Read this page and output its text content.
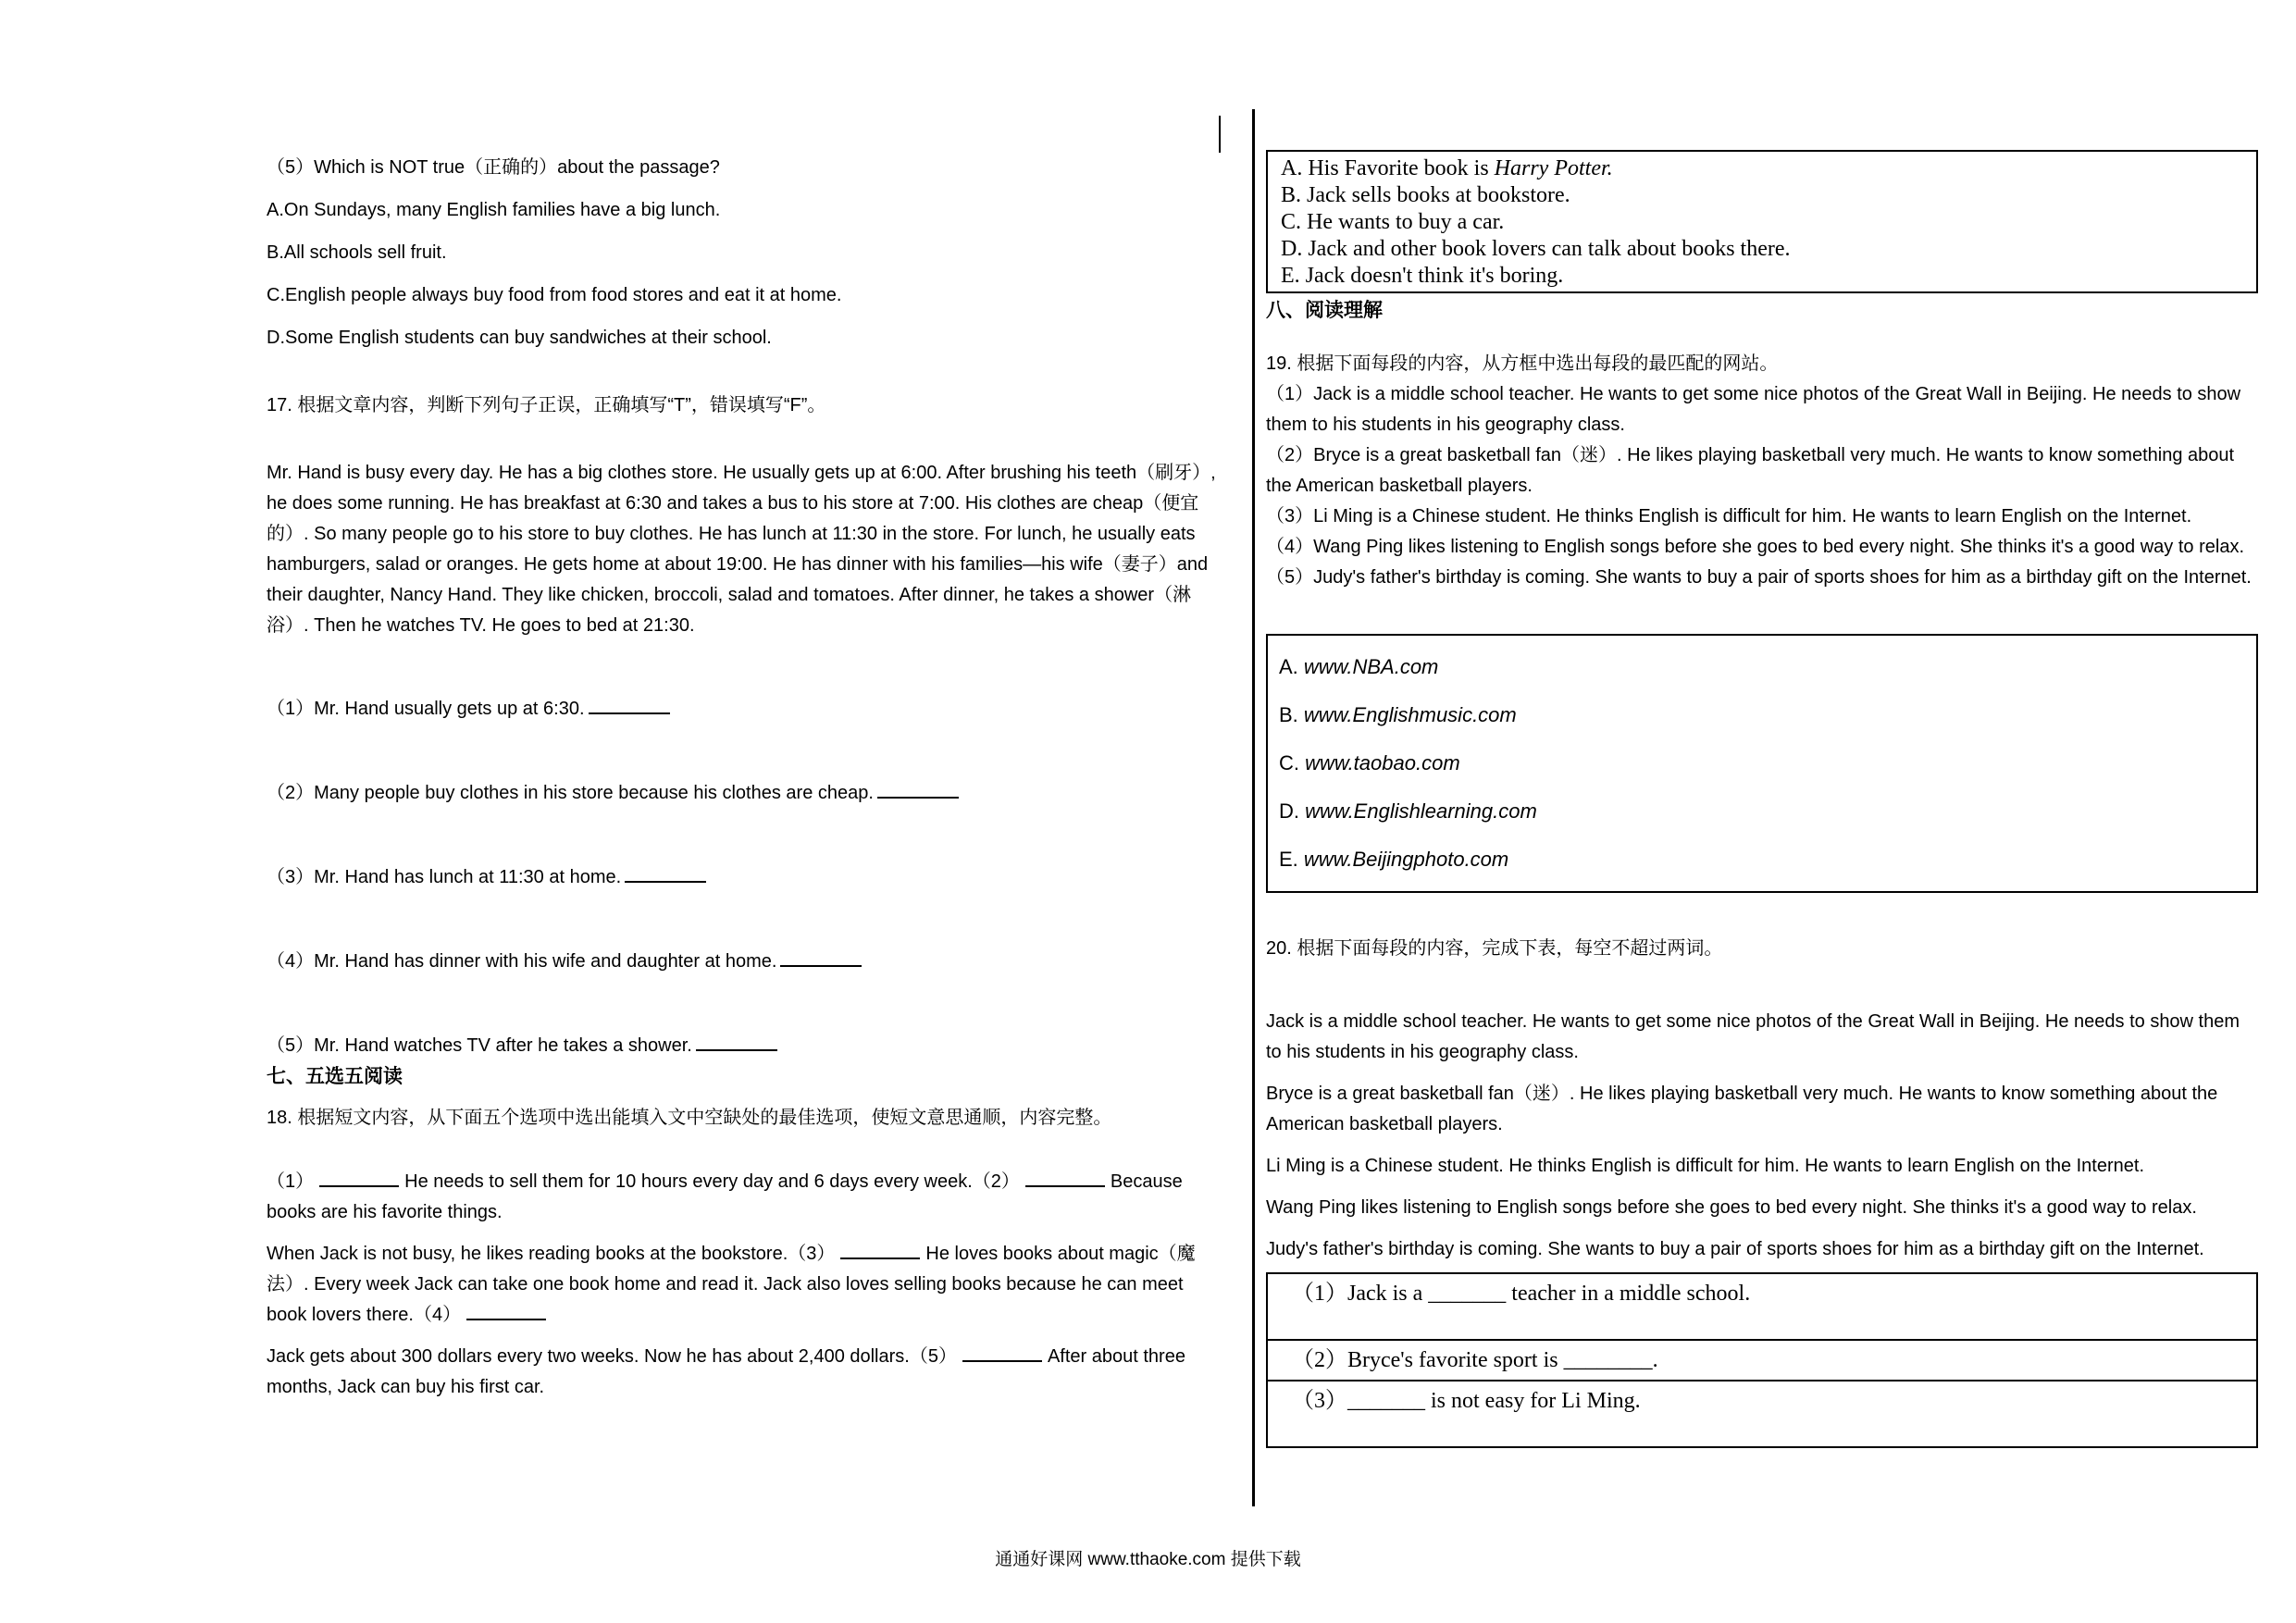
（5）Which is NOT true（正确的）about the passage?

A.On Sundays, many English families have a big lunch.

B.All schools sell fruit.

C.English people always buy food from food stores and eat it at home.

D.Some English students can buy sandwiches at their school.

17. 根据文章内容，判断下列句子正误，正确填写“T”，错误填写“F”。

Mr. Hand is busy every day. He has a big clothes store. He usually gets up at 6:00. After brushing his teeth（刷牙）, he does some running. He has breakfast at 6:30 and takes a bus to his store at 7:00. His clothes are cheap（便宜的）. So many people go to his store to buy clothes. He has lunch at 11:30 in the store. For lunch, he usually eats hamburgers, salad or oranges. He gets home at about 19:00. He has dinner with his families—his wife（妻子）and their daughter, Nancy Hand. They like chicken, broccoli, salad and tomatoes. After dinner, he takes a shower（淋浴）. Then he watches TV. He goes to bed at 21:30.

（1）Mr. Hand usually gets up at 6:30.

（2）Many people buy clothes in his store because his clothes are cheap.

（3）Mr. Hand has lunch at 11:30 at home.

（4）Mr. Hand has dinner with his wife and daughter at home.

（5）Mr. Hand watches TV after he takes a shower.

七、五选五阅读

18. 根据短文内容，从下面五个选项中选出能填入文中空缺处的最佳选项，使短文意思通顺，内容完整。

（1）	He needs to sell them for 10 hours every day and 6 days every week.（2）	Because books are his favorite things.

When Jack is not busy, he likes reading books at the bookstore.（3）	He loves books about magic（魔法）. Every week Jack can take one book home and read it. Jack also loves selling books because he can meet book lovers there.（4）

Jack gets about 300 dollars every two weeks. Now he has about 2,400 dollars.（5）	After about three months, Jack can buy his first car.

A. His Favorite book is Harry Potter.

B. Jack sells books at bookstore.

C. He wants to buy a car.

D. Jack and other book lovers can talk about books there.

E. Jack doesn't think it's boring.

八、阅读理解

19. 根据下面每段的内容，从方框中选出每段的最匹配的网站。

（1）Jack is a middle school teacher. He wants to get some nice photos of the Great Wall in Beijing. He needs to show them to his students in his geography class.

（2）Bryce is a great basketball fan（迷）. He likes playing basketball very much. He wants to know something about the American basketball players.

（3）Li Ming is a Chinese student. He thinks English is difficult for him. He wants to learn English on the Internet.

（4）Wang Ping likes listening to English songs before she goes to bed every night. She thinks it's a good way to relax.

（5）Judy's father's birthday is coming. She wants to buy a pair of sports shoes for him as a birthday gift on the Internet.

A. www.NBA.com

B. www.Englishmusic.com

C. www.taobao.com

D. www.Englishlearning.com

E. www.Beijingphoto.com

20. 根据下面每段的内容，完成下表，每空不超过两词。

Jack is a middle school teacher. He wants to get some nice photos of the Great Wall in Beijing. He needs to show them to his students in his geography class.

Bryce is a great basketball fan（迷）. He likes playing basketball very much. He wants to know something about the American basketball players.

Li Ming is a Chinese student. He thinks English is difficult for him. He wants to learn English on the Internet.

Wang Ping likes listening to English songs before she goes to bed every night. She thinks it's a good way to relax.

Judy's father's birthday is coming. She wants to buy a pair of sports shoes for him as a birthday gift on the Internet.

（1）Jack is a _______ teacher in a middle school.
（2）Bryce's favorite sport is ________.
（3）_______ is not easy for Li Ming.
通通好课网 www.tthaoke.com 提供下载
